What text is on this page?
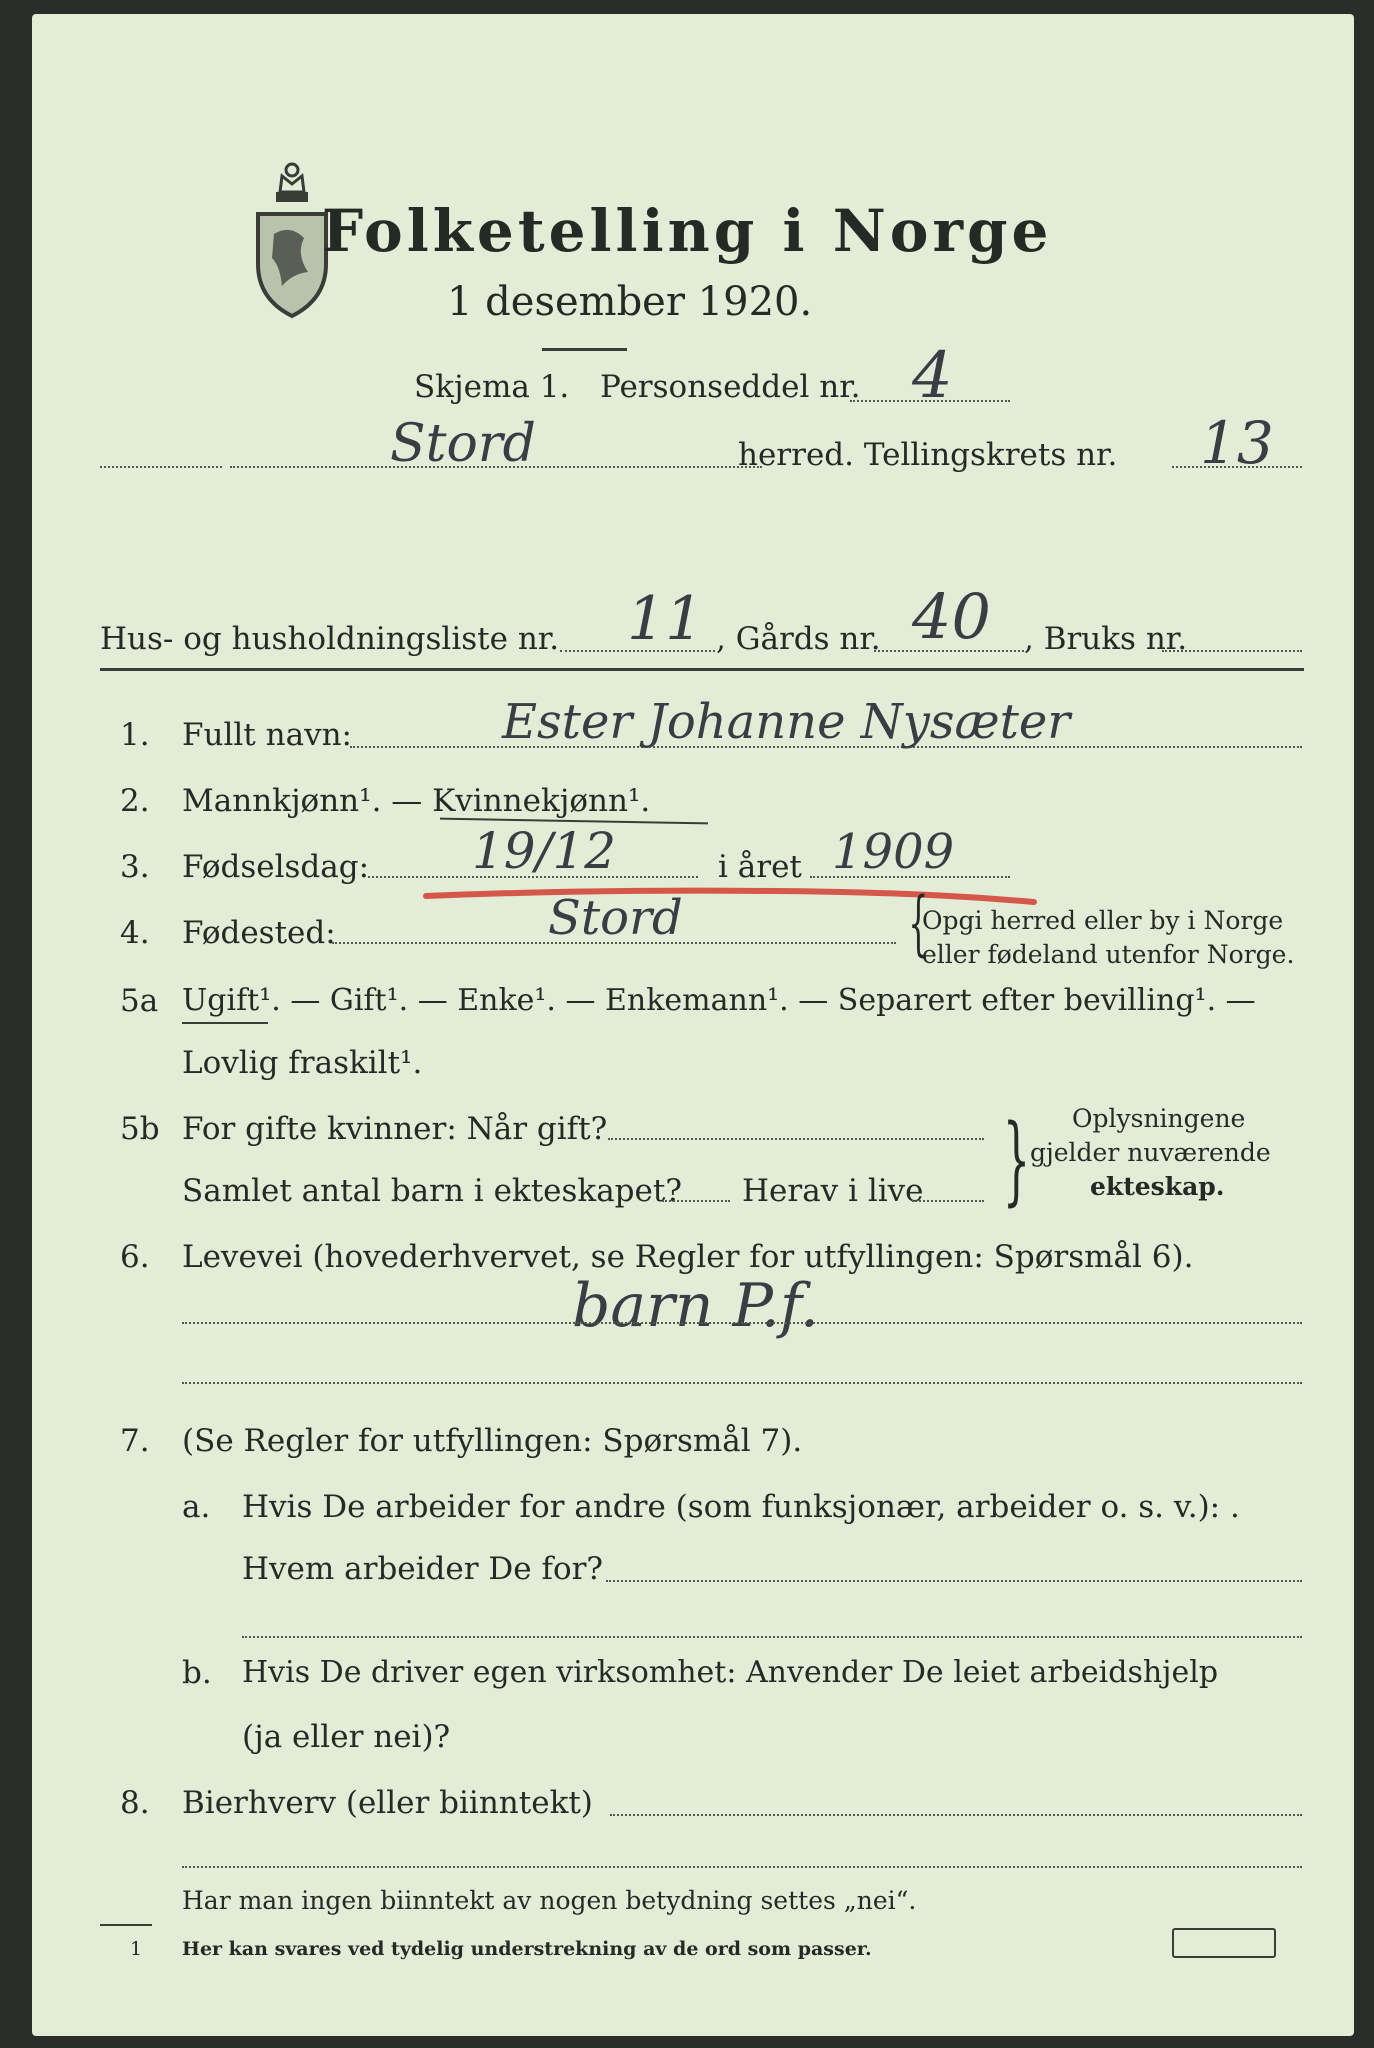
Folketelling i Norge
1 desember 1920.
Skjema 1. Personseddel nr. 4
Stord	herred. Tellingskrets nr. 13
Hus- og husholdningsliste nr. 11 , Gårds nr. 40 , Bruks nr.
1. Fullt navn:	Ester Johanne Nysæter
2. Mannkjønn¹. — Kvinnekjønn¹.
3. Fødselsdag: 19/12	i året 1909
4. Fødested:	Stord	{
Opgi herred eller by i Norge
eller fødeland utenfor Norge.
5a Ugift¹. — Gift¹. — Enke¹. — Enkemann¹. — Separert efter bevilling¹. —
Lovlig fraskilt¹.
5b For gifte kvinner: Når gift?
Samlet antal barn i ekteskapet? Herav i live } Oplysningene
gjelder nuværende
ekteskap.
6. Levevei (hovederhvervet, se Regler for utfyllingen: Spørsmål 6).
barn P.f.
7. (Se Regler for utfyllingen: Spørsmål 7).
a. Hvis De arbeider for andre (som funksjonær, arbeider o. s. v.): .
Hvem arbeider De for?
b. Hvis De driver egen virksomhet: Anvender De leiet arbeidshjelp
(ja eller nei)?
8. Bierhverv (eller biinntekt)
Har man ingen biinntekt av nogen betydning settes „nei“.
1 Her kan svares ved tydelig understrekning av de ord som passer.
